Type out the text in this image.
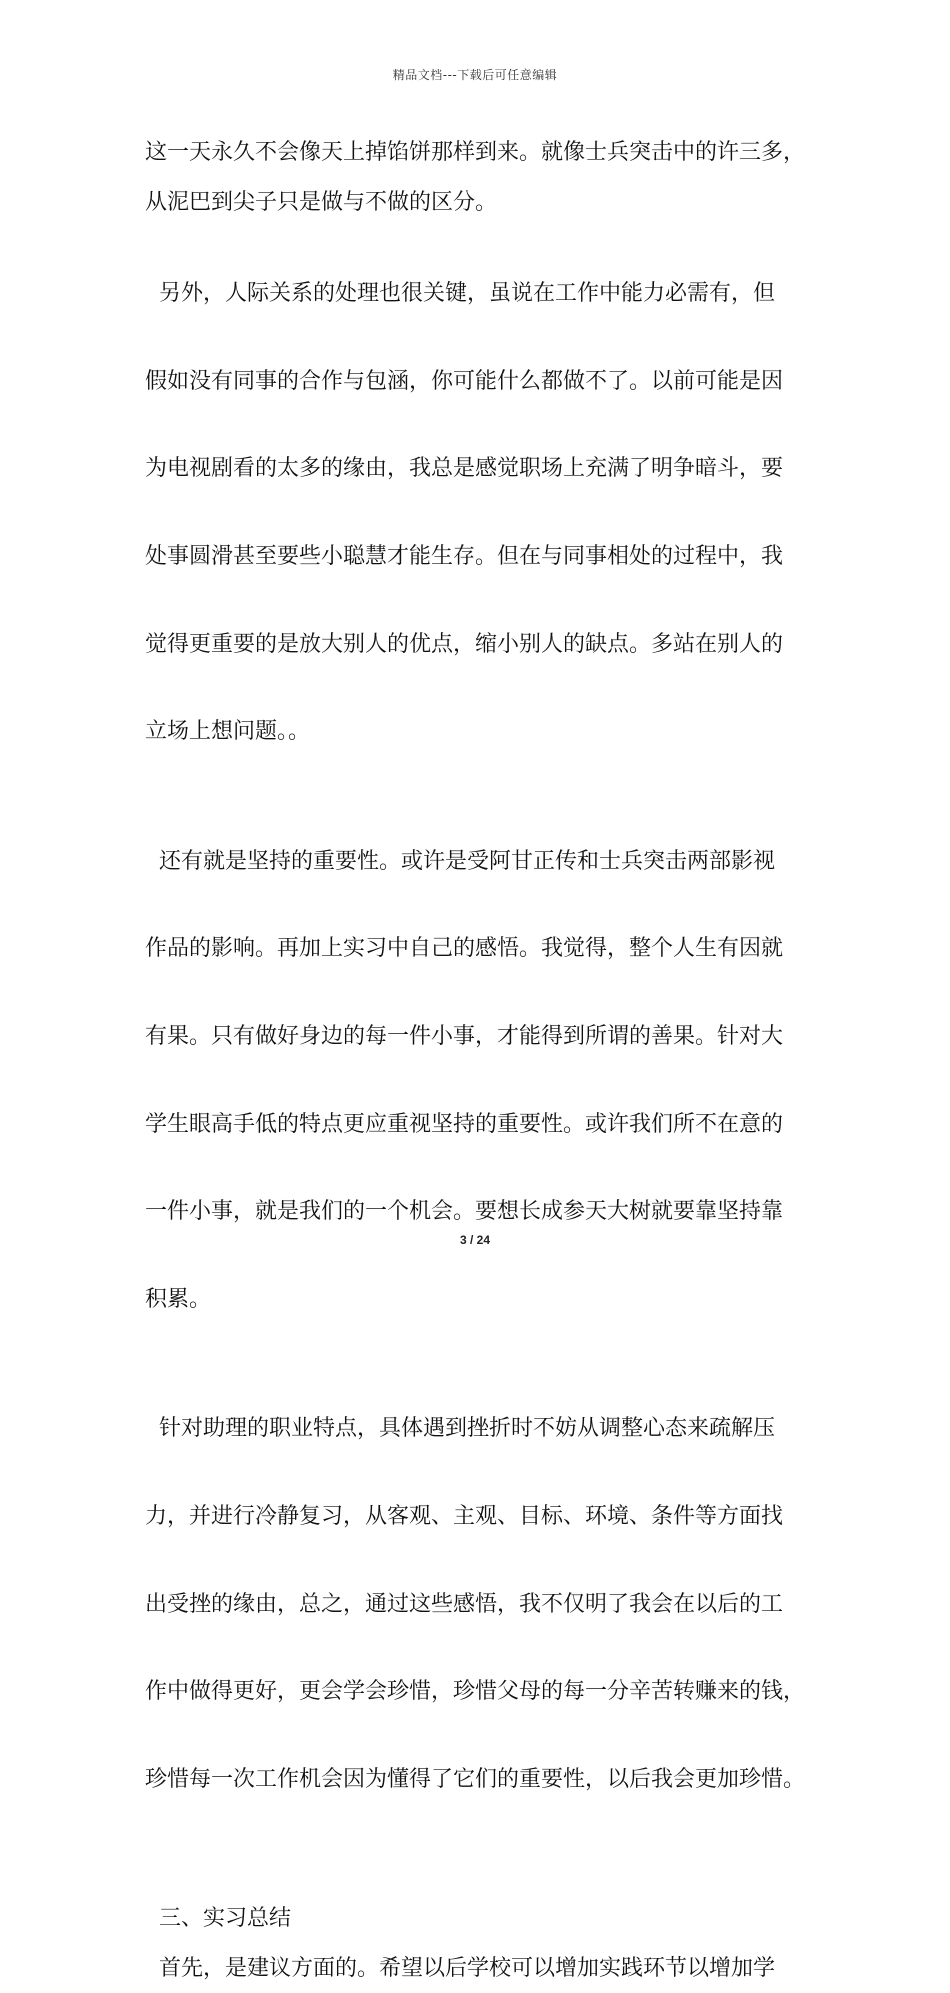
精品文档---下载后可任意编辑
这一天永久不会像天上掉馅饼那样到来。就像士兵突击中的许三多，
从泥巴到尖子只是做与不做的区分。

另外，人际关系的处理也很关键，虽说在工作中能力必需有，但

假如没有同事的合作与包涵，你可能什么都做不了。以前可能是因

为电视剧看的太多的缘由，我总是感觉职场上充满了明争暗斗，要

处事圆滑甚至要些小聪慧才能生存。但在与同事相处的过程中，我

觉得更重要的是放大别人的优点，缩小别人的缺点。多站在别人的

立场上想问题。。

还有就是坚持的重要性。或许是受阿甘正传和士兵突击两部影视

作品的影响。再加上实习中自己的感悟。我觉得，整个人生有因就

有果。只有做好身边的每一件小事，才能得到所谓的善果。针对大

学生眼高手低的特点更应重视坚持的重要性。或许我们所不在意的

一件小事，就是我们的一个机会。要想长成参天大树就要靠坚持靠

积累。

针对助理的职业特点，具体遇到挫折时不妨从调整心态来疏解压

力，并进行冷静复习，从客观、主观、目标、环境、条件等方面找

出受挫的缘由，总之，通过这些感悟，我不仅明了我会在以后的工

作中做得更好，更会学会珍惜，珍惜父母的每一分辛苦转赚来的钱，

珍惜每一次工作机会因为懂得了它们的重要性，以后我会更加珍惜。

三、实习总结
首先，是建议方面的。希望以后学校可以增加实践环节以增加学
3 / 24
